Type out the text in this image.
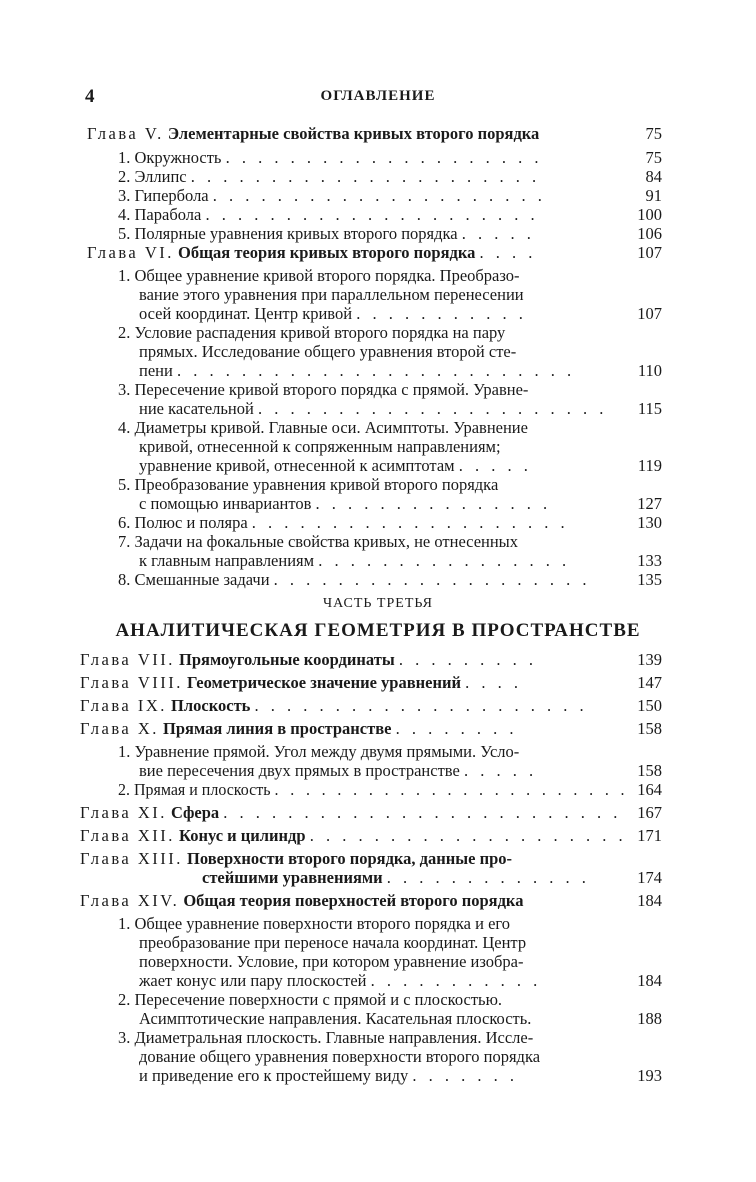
4	ОГЛАВЛЕНИЕ
Глава V. Элементарные свойства кривых второго порядка	75
1. Окружность . . . . . . . . . . . . . . . . . . . .	75
2. Эллипс . . . . . . . . . . . . . . . . . . . . . .	84
3. Гипербола . . . . . . . . . . . . . . . . . . . . .	91
4. Парабола . . . . . . . . . . . . . . . . . . . . .	100
5. Полярные уравнения кривых второго порядка . . . . .	106
Глава VI. Общая теория кривых второго порядка . . . .	107
1. Общее уравнение кривой второго порядка. Преобразо-
вание этого уравнения при параллельном перенесении
осей координат. Центр кривой . . . . . . . . . . .	107
2. Условие распадения кривой второго порядка на пару
прямых. Исследование общего уравнения второй сте-
пени . . . . . . . . . . . . . . . . . . . . . . . . .	110
3. Пересечение кривой второго порядка с прямой. Уравне-
ние касательной . . . . . . . . . . . . . . . . . . . . . .	115
4. Диаметры кривой. Главные оси. Асимптоты. Уравнение
кривой, отнесенной к сопряженным направлениям;
уравнение кривой, отнесенной к асимптотам . . . . .	119
5. Преобразование уравнения кривой второго порядка
с помощью инвариантов . . . . . . . . . . . . . . .	127
6. Полюс и поляра . . . . . . . . . . . . . . . . . . . .	130
7. Задачи на фокальные свойства кривых, не отнесенных
к главным направлениям . . . . . . . . . . . . . . . .	133
8. Смешанные задачи . . . . . . . . . . . . . . . . . . . .	135
ЧАСТЬ ТРЕТЬЯ
АНАЛИТИЧЕСКАЯ ГЕОМЕТРИЯ В ПРОСТРАНСТВЕ
Глава VII. Прямоугольные координаты . . . . . . . . .	139
Глава VIII. Геометрическое значение уравнений . . . .	147
Глава IX. Плоскость . . . . . . . . . . . . . . . . . . . . .	150
Глава X. Прямая линия в пространстве . . . . . . . .	158
1. Уравнение прямой. Угол между двумя прямыми. Усло-
вие пересечения двух прямых в пространстве . . . . .	158
2. Прямая и плоскость . . . . . . . . . . . . . . . . . . . . . . . 164
Глава XI. Сфера . . . . . . . . . . . . . . . . . . . . . . . . . 167
Глава XII. Конус и цилиндр . . . . . . . . . . . . . . . . . . . . 171
Глава XIII. Поверхности второго порядка, данные про-
стейшими уравнениями . . . . . . . . . . . . .	174
Глава XIV. Общая теория поверхностей второго порядка	184
1. Общее уравнение поверхности второго порядка и его
преобразование при переносе начала координат. Центр
поверхности. Условие, при котором уравнение изобра-
жает конус или пару плоскостей . . . . . . . . . . .	184
2. Пересечение поверхности с прямой и с плоскостью.
Асимптотические направления. Касательная плоскость.	188
3. Диаметральная плоскость. Главные направления. Иссле-
дование общего уравнения поверхности второго порядка
и приведение его к простейшему виду . . . . . . .	193
